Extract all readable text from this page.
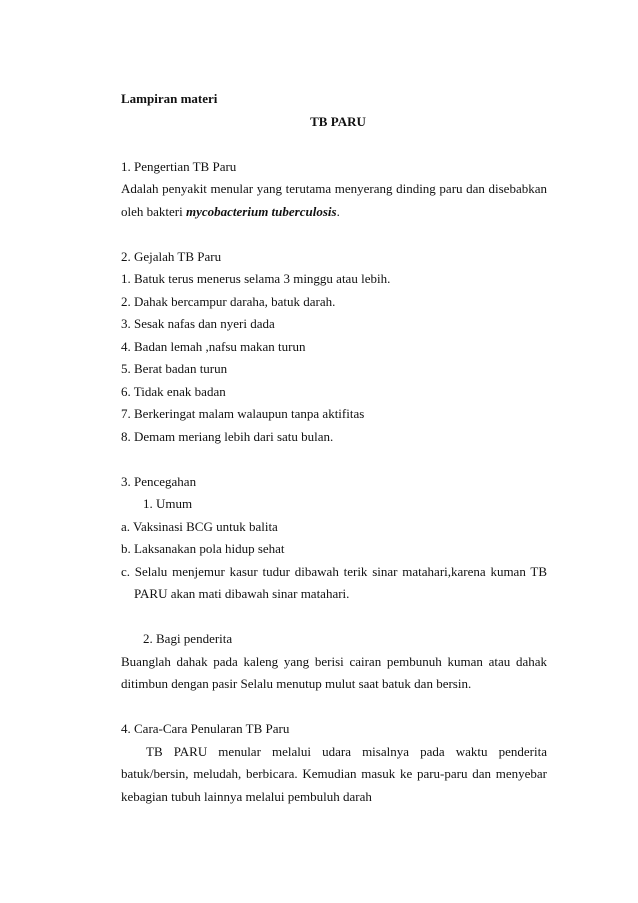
Lampiran materi
TB PARU
1. Pengertian TB Paru
Adalah penyakit menular yang terutama menyerang dinding paru dan disebabkan
oleh bakteri mycobacterium tuberculosis.
2. Gejalah TB Paru
1. Batuk terus menerus selama 3 minggu atau lebih.
2. Dahak bercampur daraha, batuk darah.
3. Sesak nafas dan nyeri dada
4. Badan lemah ,nafsu makan turun
5. Berat badan turun
6. Tidak enak badan
7. Berkeringat malam walaupun tanpa aktifitas
8. Demam meriang lebih dari satu bulan.
3. Pencegahan
1. Umum
a. Vaksinasi BCG untuk balita
b. Laksanakan pola hidup sehat
c. Selalu menjemur kasur tudur dibawah terik sinar matahari,karena kuman TB
PARU akan mati dibawah sinar matahari.
2. Bagi penderita
Buanglah dahak pada kaleng yang berisi cairan pembunuh kuman atau dahak
ditimbun dengan pasir Selalu menutup mulut saat batuk dan bersin.
4. Cara-Cara Penularan TB Paru
TB PARU menular melalui udara misalnya pada waktu penderita
batuk/bersin, meludah, berbicara. Kemudian masuk ke paru-paru dan menyebar
kebagian tubuh lainnya melalui pembuluh darah
